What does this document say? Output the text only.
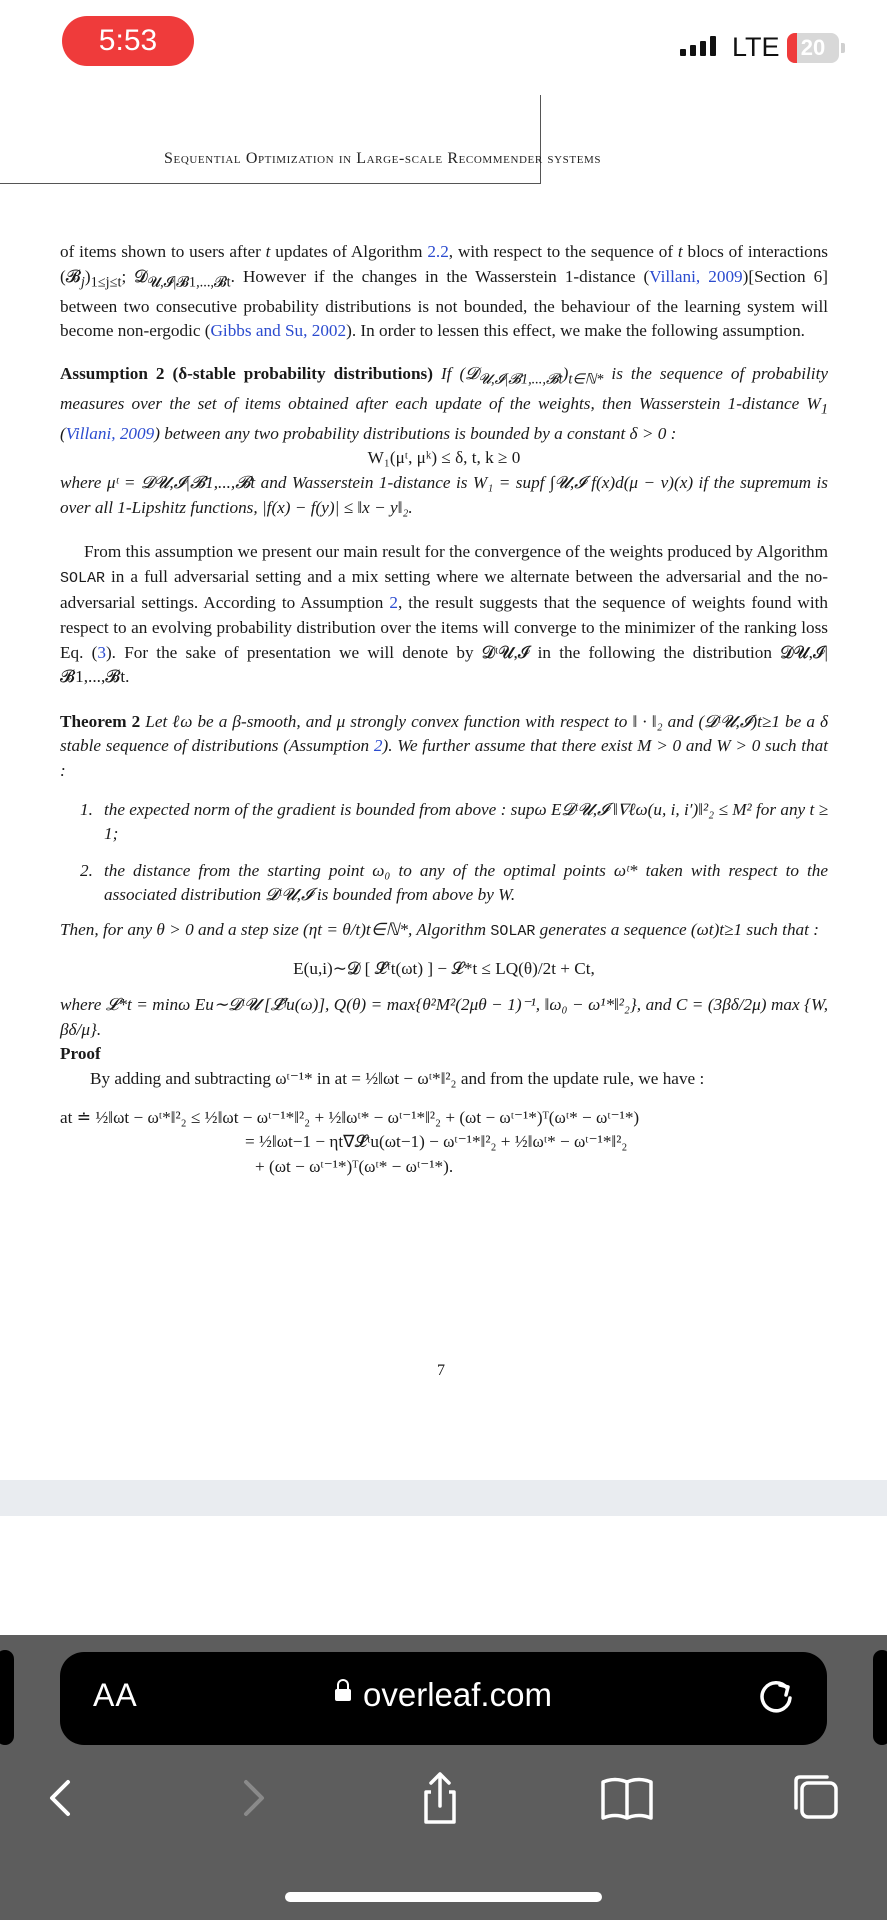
5:53	LTE 20
Sequential Optimization in Large-scale Recommender systems

of items shown to users after t updates of Algorithm 2.2, with respect to the sequence of t blocs of interactions $(𝓑_j)_{1\le j\le t}$; 𝓓$_{𝓤,𝓘|𝓑1,...,𝓑t}$. However if the changes in the Wasserstein 1-distance (Villani, 2009)[Section 6] between two consecutive probability distributions is not bounded, the behaviour of the learning system will become non-ergodic (Gibbs and Su, 2002). In order to lessen this effect, we make the following assumption.

Assumption 2 (δ-stable probability distributions) If $(𝓓_{𝓤,𝓘|𝓑1,...,𝓑t})_{t\in ℕ*}$ is the sequence of probability measures over the set of items obtained after each update of the weights, then Wasserstein 1-distance $W_1$ (Villani, 2009) between any two probability distributions is bounded by a constant δ > 0 :

W₁(μᵗ, μᵏ) ≤ δ, t, k ≥ 0

where μᵗ = 𝓓𝓤,𝓘|𝓑1,...,𝓑t and Wasserstein 1-distance is W₁ = supf ∫𝓤,𝓘 f(x)d(μ − ν)(x) if the supremum is over all 1-Lipshitz functions, |f(x) − f(y)| ≤ ‖x − y‖₂.

From this assumption we present our main result for the convergence of the weights produced by Algorithm SOLAR in a full adversarial setting and a mix setting where we alternate between the adversarial and the no-adversarial settings. According to Assumption 2, the result suggests that the sequence of weights found with respect to an evolving probability distribution over the items will converge to the minimizer of the ranking loss Eq. (3). For the sake of presentation we will denote by 𝓓ᵗ𝓤,𝓘 in the following the distribution 𝓓𝓤,𝓘|𝓑1,...,𝓑t.

Theorem 2 Let ℓω be a β-smooth, and μ strongly convex function with respect to ‖ · ‖₂ and (𝓓ᵗ𝓤,𝓘)t≥1 be a δ stable sequence of distributions (Assumption 2). We further assume that there exist M > 0 and W > 0 such that :

1. the expected norm of the gradient is bounded from above : supω E𝓓ᵗ𝓤,𝓘 ‖∇ℓω(u, i, i′)‖²₂ ≤ M² for any t ≥ 1;
2. the distance from the starting point ω₀ to any of the optimal points ωᵗ* taken with respect to the associated distribution 𝓓ᵗ𝓤,𝓘 is bounded from above by W.

Then, for any θ > 0 and a step size (ηt = θ/t)t∈ℕ*, Algorithm SOLAR generates a sequence (ωt)t≥1 such that :

E(u,i)∼𝓓 [ 𝓛̂ᶠt(ωt) ] − 𝓛*t ≤ LQ(θ)/2t + Ct,

where 𝓛*t = minω Eu∼𝓓ᵗ𝓤 [𝓛̂ᶠu(ω)], Q(θ) = max{θ²M²(2μθ − 1)⁻¹, ‖ω₀ − ω¹*‖²₂}, and C = (3βδ/2μ) max {W, βδ/μ}.

Proof

By adding and subtracting ωᵗ⁻¹* in at = ½‖ωt − ωᵗ*‖²₂ and from the update rule, we have :

at ≐ ½‖ωt − ωᵗ*‖²₂ ≤ ½‖ωt − ωᵗ⁻¹*‖²₂ + ½‖ωᵗ* − ωᵗ⁻¹*‖²₂ + (ωt − ωᵗ⁻¹*)ᵀ(ωᵗ* − ωᵗ⁻¹*)

= ½‖ωt−1 − ηt∇𝓛̂ᵗu(ωt−1) − ωᵗ⁻¹*‖²₂ + ½‖ωᵗ* − ωᵗ⁻¹*‖²₂

+ (ωt − ωᵗ⁻¹*)ᵀ(ωᵗ* − ωᵗ⁻¹*).

7
AA	overleaf.com
